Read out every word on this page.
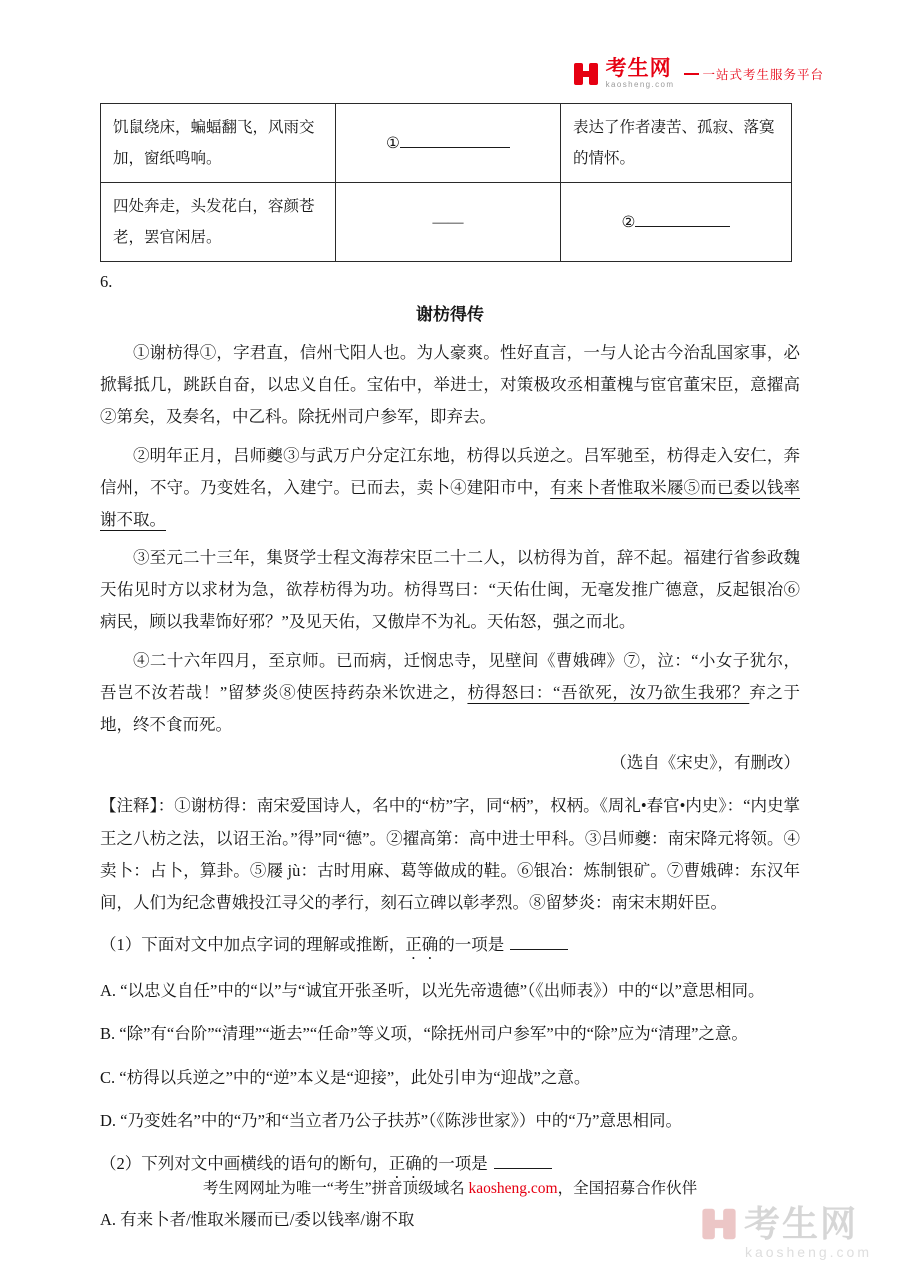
考生网
kaosheng.com
一站式考生服务平台
饥鼠绕床，蝙蝠翻飞，风雨交加，窗纸鸣响。	①	表达了作者凄苦、孤寂、落寞的情怀。
四处奔走，头发花白，容颜苍老，罢官闲居。	——	②
6.
谢枋得传

①谢枋得①，字君直，信州弋阳人也。为人豪爽。性好直言，一与人论古今治乱国家事，必掀髯抵几，跳跃自奋，以忠义自任。宝佑中，举进士，对策极攻丞相董槐与宦官董宋臣，意擢高②第矣，及奏名，中乙科。除抚州司户参军，即弃去。

②明年正月，吕师夔③与武万户分定江东地，枋得以兵逆之。吕军驰至，枋得走入安仁，奔信州，不守。乃变姓名，入建宁。已而去，卖卜④建阳市中，有来卜者惟取米屦⑤而已委以钱率谢不取。

③至元二十三年，集贤学士程文海荐宋臣二十二人，以枋得为首，辞不起。福建行省参政魏天佑见时方以求材为急，欲荐枋得为功。枋得骂曰：“天佑仕闽，无毫发推广德意，反起银冶⑥病民，顾以我辈饰好邪？”及见天佑，又傲岸不为礼。天佑怒，强之而北。

④二十六年四月，至京师。已而病，迁悯忠寺，见壁间《曹娥碑》⑦，泣：“小女子犹尔，吾岂不汝若哉！”留梦炎⑧使医持药杂米饮进之，枋得怒曰：“吾欲死，汝乃欲生我邪？弃之于地，终不食而死。

（选自《宋史》，有删改）

【注释】：①谢枋得：南宋爱国诗人，名中的“枋”字，同“柄”，权柄。《周礼•春官•内史》：“内史掌王之八枋之法，以诏王治。”得”同“德”。②擢高第：高中进士甲科。③吕师夔：南宋降元将领。④卖卜：占卜，算卦。⑤屦 jù：古时用麻、葛等做成的鞋。⑥银冶：炼制银矿。⑦曹娥碑：东汉年间，人们为纪念曹娥投江寻父的孝行，刻石立碑以彰孝烈。⑧留梦炎：南宋末期奸臣。

（1）下面对文中加点字词的理解或推断，正确的一项是

A. “以忠义自任”中的“以”与“诚宜开张圣听，以光先帝遗德”（《出师表》）中的“以”意思相同。

B. “除”有“台阶”“清理”“逝去”“任命”等义项，“除抚州司户参军”中的“除”应为“清理”之意。

C. “枋得以兵逆之”中的“逆”本义是“迎接”，此处引申为“迎战”之意。

D. “乃变姓名”中的“乃”和“当立者乃公子扶苏”（《陈涉世家》）中的“乃”意思相同。

（2）下列对文中画横线的语句的断句，正确的一项是

A. 有来卜者/惟取米屦而已/委以钱率/谢不取

考生网网址为唯一“考生”拼音顶级域名 kaosheng.com，全国招募合作伙伴
考生网
kaosheng.com
